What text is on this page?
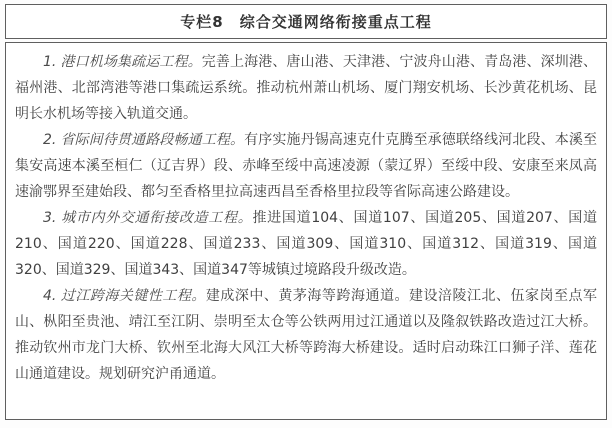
专栏8　综合交通网络衔接重点工程

1. 港口机场集疏运工程。完善上海港、唐山港、天津港、宁波舟山港、青岛港、深圳港、福州港、北部湾港等港口集疏运系统。推动杭州萧山机场、厦门翔安机场、长沙黄花机场、昆明长水机场等接入轨道交通。

2. 省际间待贯通路段畅通工程。有序实施丹锡高速克什克腾至承德联络线河北段、本溪至集安高速本溪至桓仁（辽吉界）段、赤峰至绥中高速凌源（蒙辽界）至绥中段、安康至来凤高速渝鄂界至建始段、都匀至香格里拉高速西昌至香格里拉段等省际高速公路建设。

3. 城市内外交通衔接改造工程。推进国道104、国道107、国道205、国道207、国道210、国道220、国道228、国道233、国道309、国道310、国道312、国道319、国道320、国道329、国道343、国道347等城镇过境路段升级改造。

4. 过江跨海关键性工程。建成深中、黄茅海等跨海通道。建设涪陵江北、伍家岗至点军山、枞阳至贵池、靖江至江阴、崇明至太仓等公铁两用过江通道以及隆叙铁路改造过江大桥。推动钦州市龙门大桥、钦州至北海大风江大桥等跨海大桥建设。适时启动珠江口狮子洋、莲花山通道建设。规划研究沪甬通道。
